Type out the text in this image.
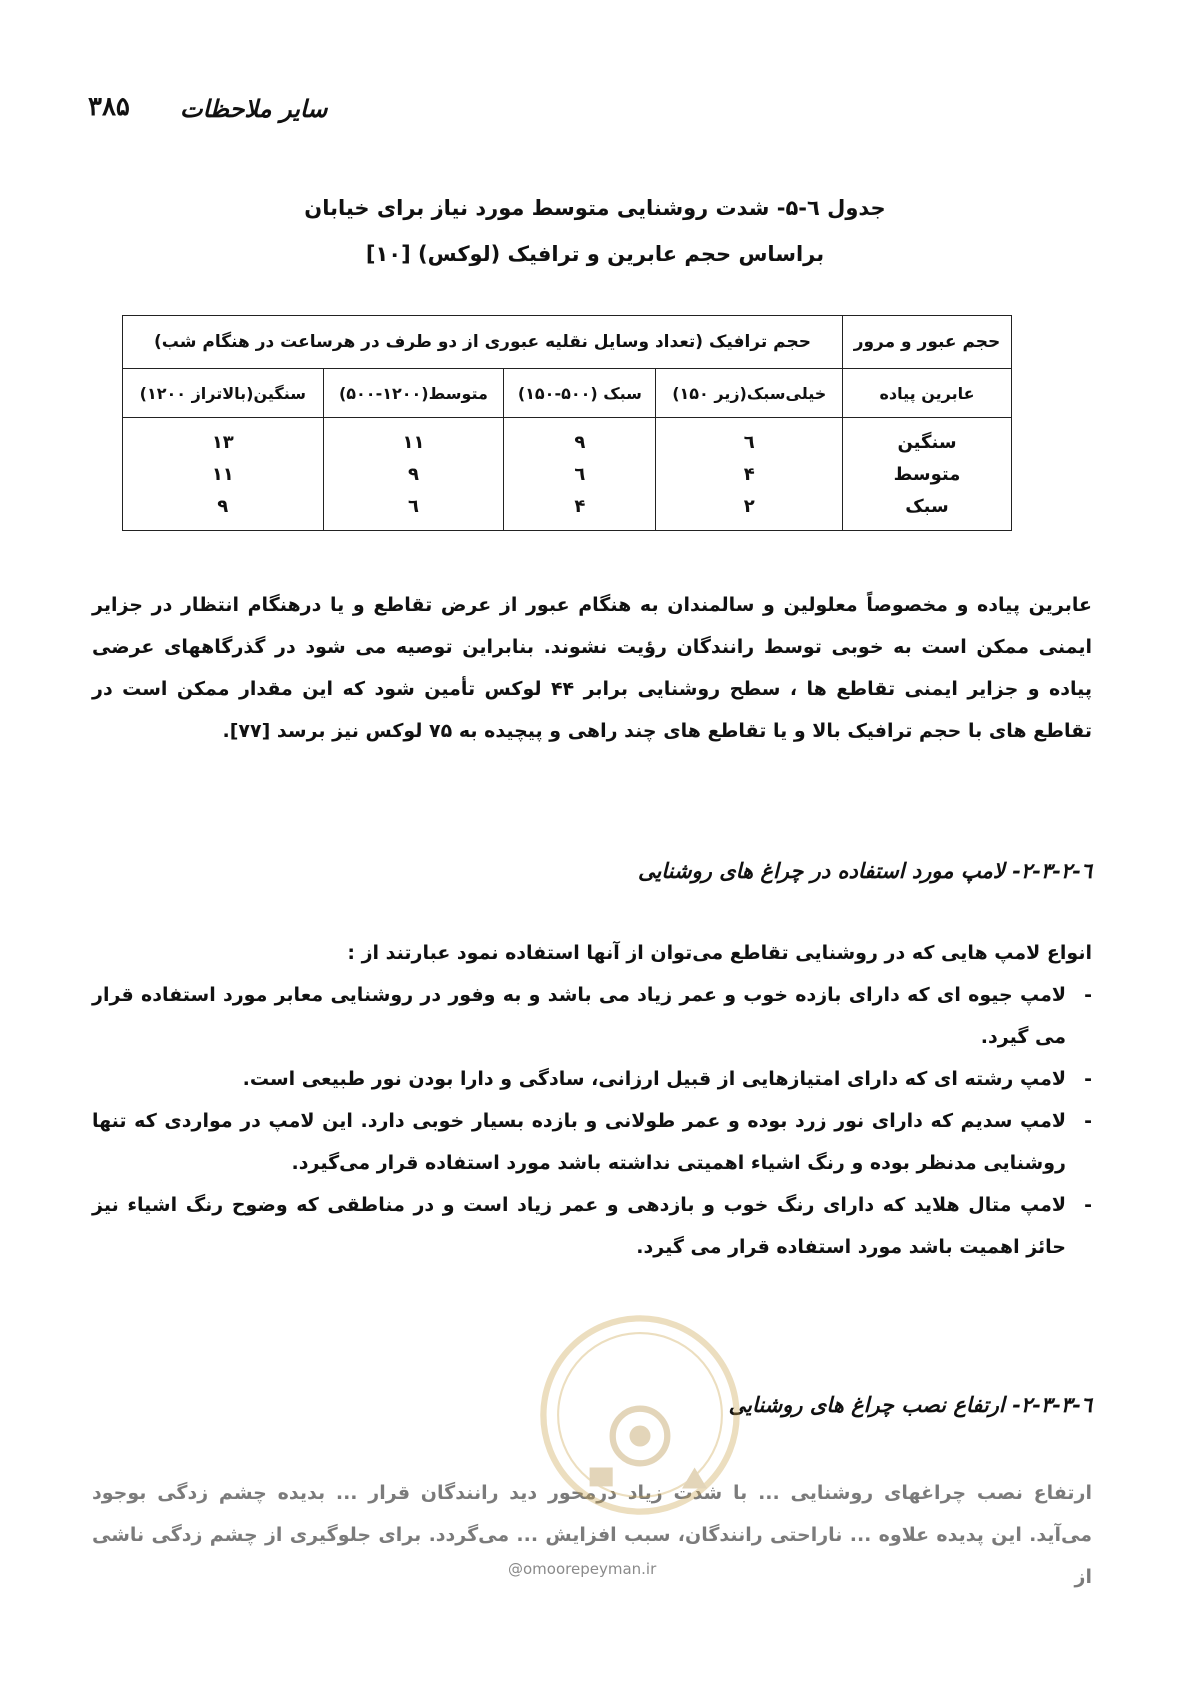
۳۸۵ سایر ملاحظات
جدول ٦-۵- شدت روشنایی متوسط مورد نیاز برای خیابان
براساس حجم عابرین و ترافیک (لوکس) [۱۰]
حجم عبور و مرور	حجم ترافیک (تعداد وسایل نقلیه عبوری از دو طرف در هرساعت در هنگام شب)			
عابرین پیاده	خیلی‌سبک(زیر ۱۵۰)	سبک (۵۰۰-۱۵۰)	متوسط(۱۲۰۰-۵۰۰)	سنگین(بالاتراز ۱۲۰۰)
سنگین	٦	۹	۱۱	۱۳
متوسط	۴	٦	۹	۱۱
سبک	۲	۴	٦	۹
عابرین پیاده و مخصوصاً معلولین و سالمندان به هنگام عبور از عرض تقاطع و یا درهنگام انتظار در جزایر ایمنی ممکن است به خوبی توسط رانندگان رؤیت نشوند. بنابراین توصیه می شود در گذرگاههای عرضی پیاده و جزایر ایمنی تقاطع ها ، سطح روشنایی برابر ۴۴ لوکس تأمین شود که این مقدار ممکن است در تقاطع های با حجم ترافیک بالا و یا تقاطع های چند راهی و پیچیده به ۷۵ لوکس نیز برسد [۷۷].
٦-۲-۳-۲- لامپ مورد استفاده در چراغ های روشنایی
انواع لامپ هایی که در روشنایی تقاطع می‌توان از آنها استفاده نمود عبارتند از :
-
لامپ جیوه ای که دارای بازده خوب و عمر زیاد می باشد و به وفور در روشنایی معابر مورد استفاده قرار می گیرد.
-
لامپ رشته ای که دارای امتیازهایی از قبیل ارزانی، سادگی و دارا بودن نور طبیعی است.
-
لامپ سدیم که دارای نور زرد بوده و عمر طولانی و بازده بسیار خوبی دارد. این لامپ در مواردی که تنها روشنایی مدنظر بوده و رنگ اشیاء اهمیتی نداشته باشد مورد استفاده قرار می‌گیرد.
-
لامپ متال هلاید که دارای رنگ خوب و بازدهی و عمر زیاد است و در مناطقی که وضوح رنگ اشیاء نیز حائز اهمیت باشد مورد استفاده قرار می گیرد.
٦-۲-۳-۳- ارتفاع نصب چراغ های روشنایی
ارتفاع نصب چراغهای روشنایی ... با شدت زیاد درمحور دید رانندگان قرار ... بدیده چشم زدگی بوجود می‌آید. این پدیده علاوه ... ناراحتی رانندگان، سبب افزایش ... می‌گردد. برای جلوگیری از چشم زدگی ناشی از
@omoorepeyman.ir
